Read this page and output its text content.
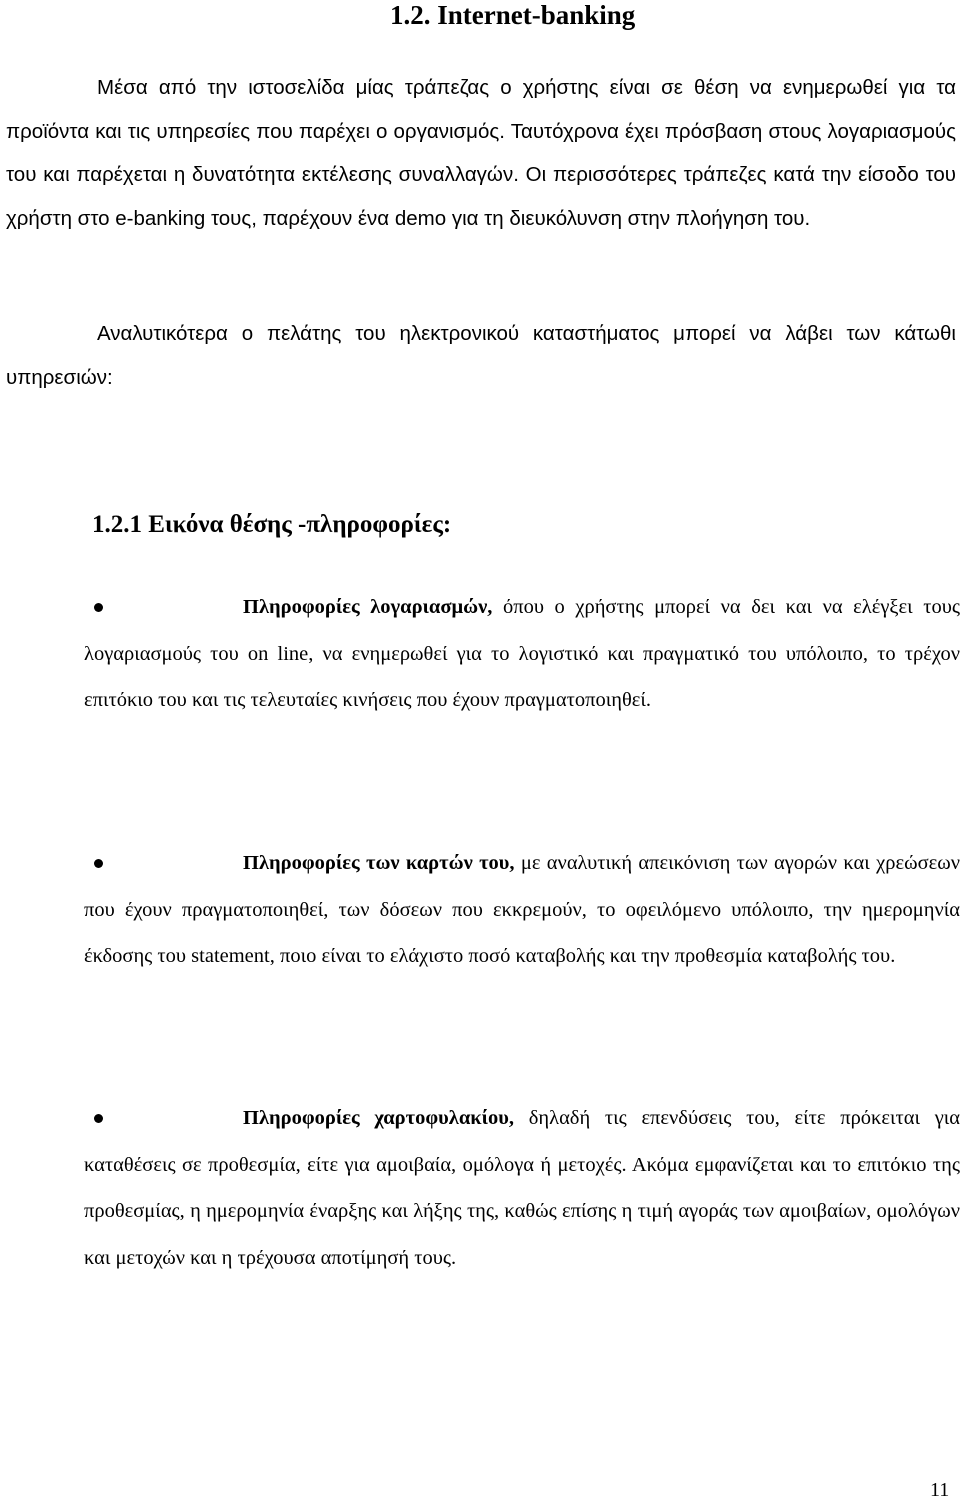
1.2. Internet-banking

Μέσα από την ιστοσελίδα μίας τράπεζας ο χρήστης είναι σε θέση να ενημερωθεί για τα προϊόντα και τις υπηρεσίες που παρέχει ο οργανισμός. Ταυτόχρονα έχει πρόσβαση στους λογαριασμούς του και παρέχεται η δυνατότητα εκτέλεσης συναλλαγών. Οι περισσότερες τράπεζες κατά την είσοδο του χρήστη στο e-banking τους, παρέχουν ένα demo για τη διευκόλυνση στην πλοήγηση του.

Αναλυτικότερα ο πελάτης του ηλεκτρονικού καταστήματος μπορεί να λάβει των κάτωθι υπηρεσιών:

1.2.1 Εικόνα θέσης -πληροφορίες:

Πληροφορίες λογαριασμών, όπου ο χρήστης μπορεί να δει και να ελέγξει τους λογαριασμούς του on line, να ενημερωθεί για το λογιστικό και πραγματικό του υπόλοιπο, το τρέχον επιτόκιο του και τις τελευταίες κινήσεις που έχουν πραγματοποιηθεί.

Πληροφορίες των καρτών του, με αναλυτική απεικόνιση των αγορών και χρεώσεων που έχουν πραγματοποιηθεί, των δόσεων που εκκρεμούν, το οφειλόμενο υπόλοιπο, την ημερομηνία έκδοσης του statement, ποιο είναι το ελάχιστο ποσό καταβολής και την προθεσμία καταβολής του.

Πληροφορίες χαρτοφυλακίου, δηλαδή τις επενδύσεις του, είτε πρόκειται για καταθέσεις σε προθεσμία, είτε για αμοιβαία, ομόλογα ή μετοχές. Ακόμα εμφανίζεται και το επιτόκιο της προθεσμίας, η ημερομηνία έναρξης και λήξης της, καθώς επίσης η τιμή αγοράς των αμοιβαίων, ομολόγων και μετοχών και η τρέχουσα αποτίμησή τους.

11
